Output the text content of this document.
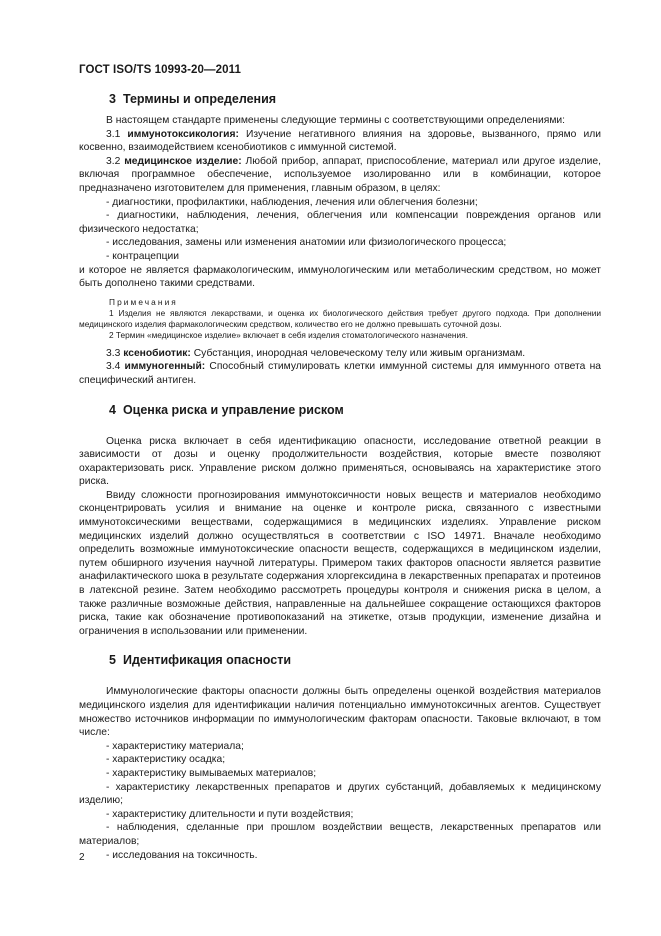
ГОСТ ISO/TS 10993-20—2011
3 Термины и определения

В настоящем стандарте применены следующие термины с соответствующими определениями:

3.1 иммунотоксикология: Изучение негативного влияния на здоровье, вызванного, прямо или косвенно, взаимодействием ксенобиотиков с иммунной системой.

3.2 медицинское изделие: Любой прибор, аппарат, приспособление, материал или другое изделие, включая программное обеспечение, используемое изолированно или в комбинации, которое предназначено изготовителем для применения, главным образом, в целях:

- диагностики, профилактики, наблюдения, лечения или облегчения болезни;

- диагностики, наблюдения, лечения, облегчения или компенсации повреждения органов или физического недостатка;

- исследования, замены или изменения анатомии или физиологического процесса;

- контрацепции

и которое не является фармакологическим, иммунологическим или метаболическим средством, но может быть дополнено такими средствами.

Примечания

1 Изделия не являются лекарствами, и оценка их биологического действия требует другого подхода. При дополнении медицинского изделия фармакологическим средством, количество его не должно превышать суточной дозы.

2 Термин «медицинское изделие» включает в себя изделия стоматологического назначения.

3.3 ксенобиотик: Субстанция, инородная человеческому телу или живым организмам.

3.4 иммуногенный: Способный стимулировать клетки иммунной системы для иммунного ответа на специфический антиген.

4 Оценка риска и управление риском

Оценка риска включает в себя идентификацию опасности, исследование ответной реакции в зависимости от дозы и оценку продолжительности воздействия, которые вместе позволяют охарактеризовать риск. Управление риском должно применяться, основываясь на характеристике этого риска.

Ввиду сложности прогнозирования иммунотоксичности новых веществ и материалов необходимо сконцентрировать усилия и внимание на оценке и контроле риска, связанного с известными иммунотоксическими веществами, содержащимися в медицинских изделиях. Управление риском медицинских изделий должно осуществляться в соответствии с ISO 14971. Вначале необходимо определить возможные иммунотоксические опасности веществ, содержащихся в медицинском изделии, путем обширного изучения научной литературы. Примером таких факторов опасности является развитие анафилактического шока в результате содержания хлоргексидина в лекарственных препаратах и протеинов в латексной резине. Затем необходимо рассмотреть процедуры контроля и снижения риска в целом, а также различные возможные действия, направленные на дальнейшее сокращение остающихся факторов риска, такие как обозначение противопоказаний на этикетке, отзыв продукции, изменение дизайна и ограничения в использовании или применении.

5 Идентификация опасности

Иммунологические факторы опасности должны быть определены оценкой воздействия материалов медицинского изделия для идентификации наличия потенциально иммунотоксичных агентов. Существует множество источников информации по иммунологическим факторам опасности. Таковые включают, в том числе:

- характеристику материала;

- характеристику осадка;

- характеристику вымываемых материалов;

- характеристику лекарственных препаратов и других субстанций, добавляемых к медицинскому изделию;

- характеристику длительности и пути воздействия;

- наблюдения, сделанные при прошлом воздействии веществ, лекарственных препаратов или материалов;

- исследования на токсичность.

2
